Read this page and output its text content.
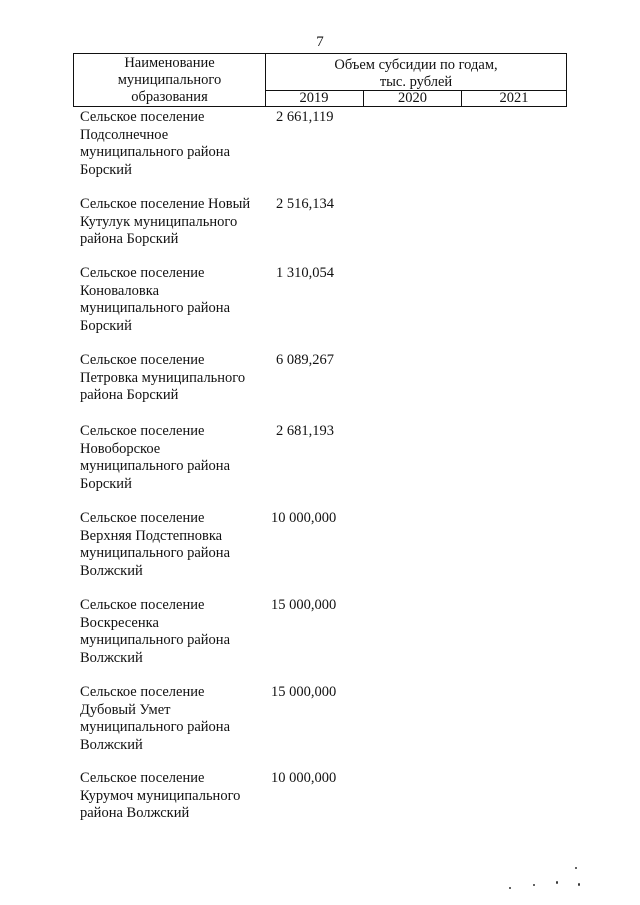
7
Наименование
муниципального
образования
Объем субсидии по годам,
тыс. рублей
2019	2020	2021
Сельское поселение
Подсолнечное
муниципального района
Борский
2 661,119
Сельское поселение Новый
Кутулук муниципального
района Борский
2 516,134
Сельское поселение
Коноваловка
муниципального района
Борский
1 310,054
Сельское поселение
Петровка муниципального
района Борский
6 089,267
Сельское поселение
Новоборское
муниципального района
Борский
2 681,193
Сельское поселение
Верхняя Подстепновка
муниципального района
Волжский
10 000,000
Сельское поселение
Воскресенка
муниципального района
Волжский
15 000,000
Сельское поселение
Дубовый Умет
муниципального района
Волжский
15 000,000
Сельское поселение
Курумоч муниципального
района Волжский
10 000,000
